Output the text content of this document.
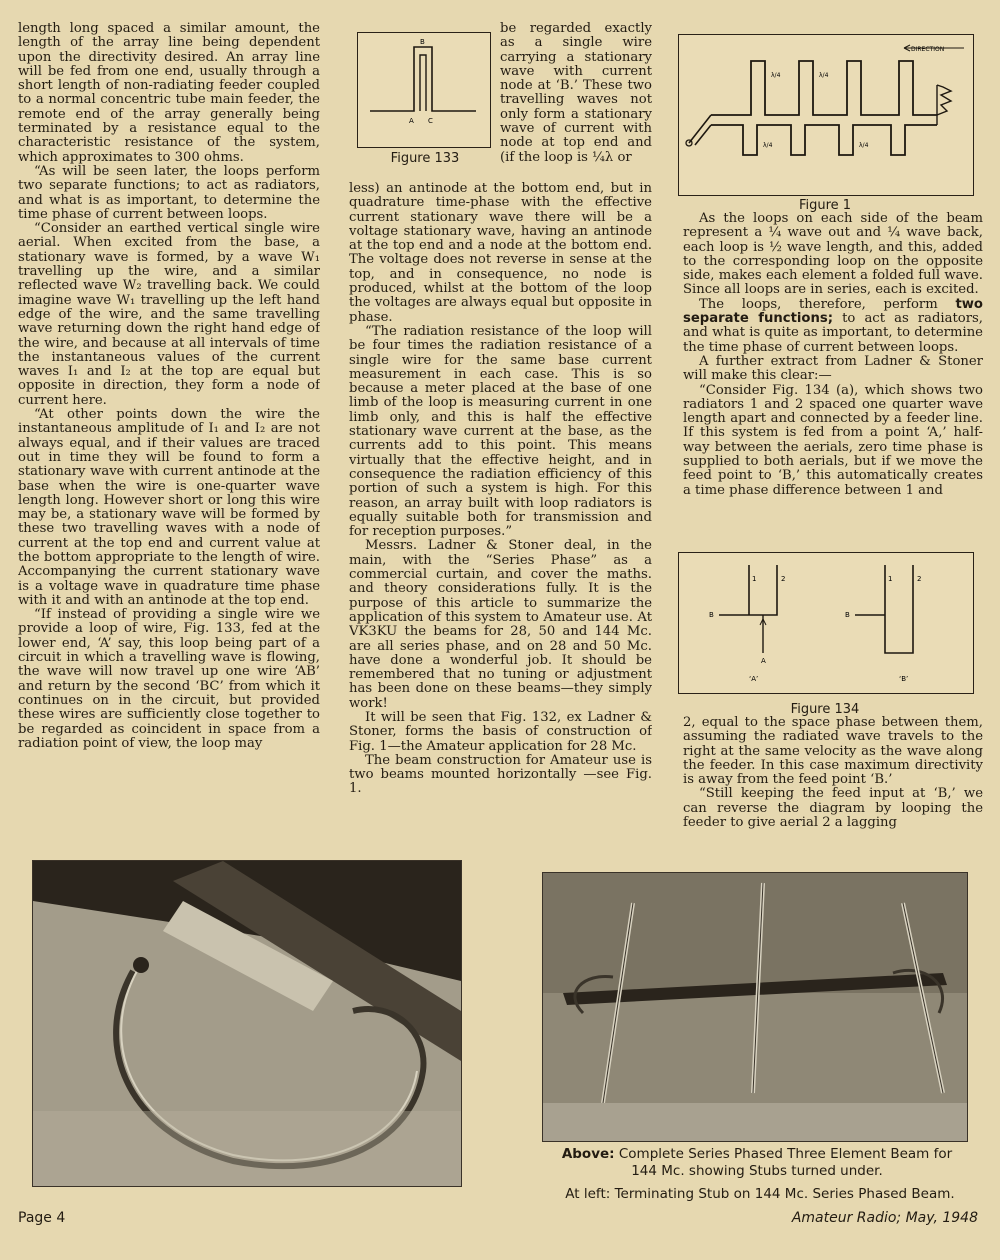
length long spaced a similar amount, the length of the array line being dependent upon the directivity desired. An array line will be fed from one end, usually through a short length of non-radiating feeder coupled to a normal concentric tube main feeder, the remote end of the array generally being terminated by a resistance equal to the characteristic resistance of the system, which approximates to 300 ohms.

“As will be seen later, the loops perform two separate functions; to act as radiators, and what is as important, to determine the time phase of current between loops.

“Consider an earthed vertical single wire aerial. When excited from the base, a stationary wave is formed, by a wave W₁ travelling up the wire, and a similar reflected wave W₂ travelling back. We could imagine wave W₁ travelling up the left hand edge of the wire, and the same travelling wave returning down the right hand edge of the wire, and because at all intervals of time the instantaneous values of the current waves I₁ and I₂ at the top are equal but opposite in direction, they form a node of current here.

“At other points down the wire the instantaneous amplitude of I₁ and I₂ are not always equal, and if their values are traced out in time they will be found to form a stationary wave with current antinode at the base when the wire is one-quarter wave length long. However short or long this wire may be, a stationary wave will be formed by these two travelling waves with a node of current at the top end and current value at the bottom appropriate to the length of wire. Accompanying the current stationary wave is a voltage wave in quadrature time phase with it and with an antinode at the top end.

“If instead of providing a single wire we provide a loop of wire, Fig. 133, fed at the lower end, ‘A’ say, this loop being part of a circuit in which a travelling wave is flowing, the wave will now travel up one wire ‘AB’ and return by the second ‘BC’ from which it continues on in the circuit, but provided these wires are sufficiently close together to be regarded as coincident in space from a radiation point of view, the loop may

B
A C
Figure 133

be regarded exactly as a single wire carrying a stationary wave with current node at ‘B.’ These two travelling waves not only form a stationary wave of current with node at top end and (if the loop is ¼λ or

less) an antinode at the bottom end, but in quadrature time-phase with the effective current stationary wave there will be a voltage stationary wave, having an antinode at the top end and a node at the bottom end. The voltage does not reverse in sense at the top, and in consequence, no node is produced, whilst at the bottom of the loop the voltages are always equal but opposite in phase.

“The radiation resistance of the loop will be four times the radiation resistance of a single wire for the same base current measurement in each case. This is so because a meter placed at the base of one limb of the loop is measuring current in one limb only, and this is half the effective stationary wave current at the base, as the currents add to this point. This means virtually that the effective height, and in consequence the radiation efficiency of this portion of such a system is high. For this reason, an array built with loop radiators is equally suitable both for transmission and for reception purposes.”

Messrs. Ladner & Stoner deal, in the main, with the “Series Phase” as a commercial curtain, and cover the maths. and theory considerations fully. It is the purpose of this article to summarize the application of this system to Amateur use. At VK3KU the beams for 28, 50 and 144 Mc. are all series phase, and on 28 and 50 Mc. have done a wonderful job. It should be remembered that no tuning or adjustment has been done on these beams—they simply work!

It will be seen that Fig. 132, ex Ladner & Stoner, forms the basis of construction of Fig. 1—the Amateur application for 28 Mc.

The beam construction for Amateur use is two beams mounted horizontally —see Fig. 1.

DIRECTION
λ/4	λ/4
λ/4	λ/4
Figure 1

As the loops on each side of the beam represent a ¼ wave out and ¼ wave back, each loop is ½ wave length, and this, added to the corresponding loop on the opposite side, makes each element a folded full wave. Since all loops are in series, each is excited.

The loops, therefore, perform two separate functions; to act as radiators, and what is quite as important, to determine the time phase of current between loops.

A further extract from Ladner & Stoner will make this clear:—

“Consider Fig. 134 (a), which shows two radiators 1 and 2 spaced one quarter wave length apart and connected by a feeder line. If this system is fed from a point ‘A,’ half-way between the aerials, zero time phase is supplied to both aerials, but if we move the feed point to ‘B,’ this automatically creates a time phase difference between 1 and

1	2
B
A
1	2
B
‘A’	‘B’
Figure 134

2, equal to the space phase between them, assuming the radiated wave travels to the right at the same velocity as the wave along the feeder. In this case maximum directivity is away from the feed point ‘B.’

“Still keeping the feed input at ‘B,’ we can reverse the diagram by looping the feeder to give aerial 2 a lagging

Above: Complete Series Phased Three Element Beam for 144 Mc. showing Stubs turned under.
At left: Terminating Stub on 144 Mc. Series Phased Beam.
Page 4	Amateur Radio; May, 1948
